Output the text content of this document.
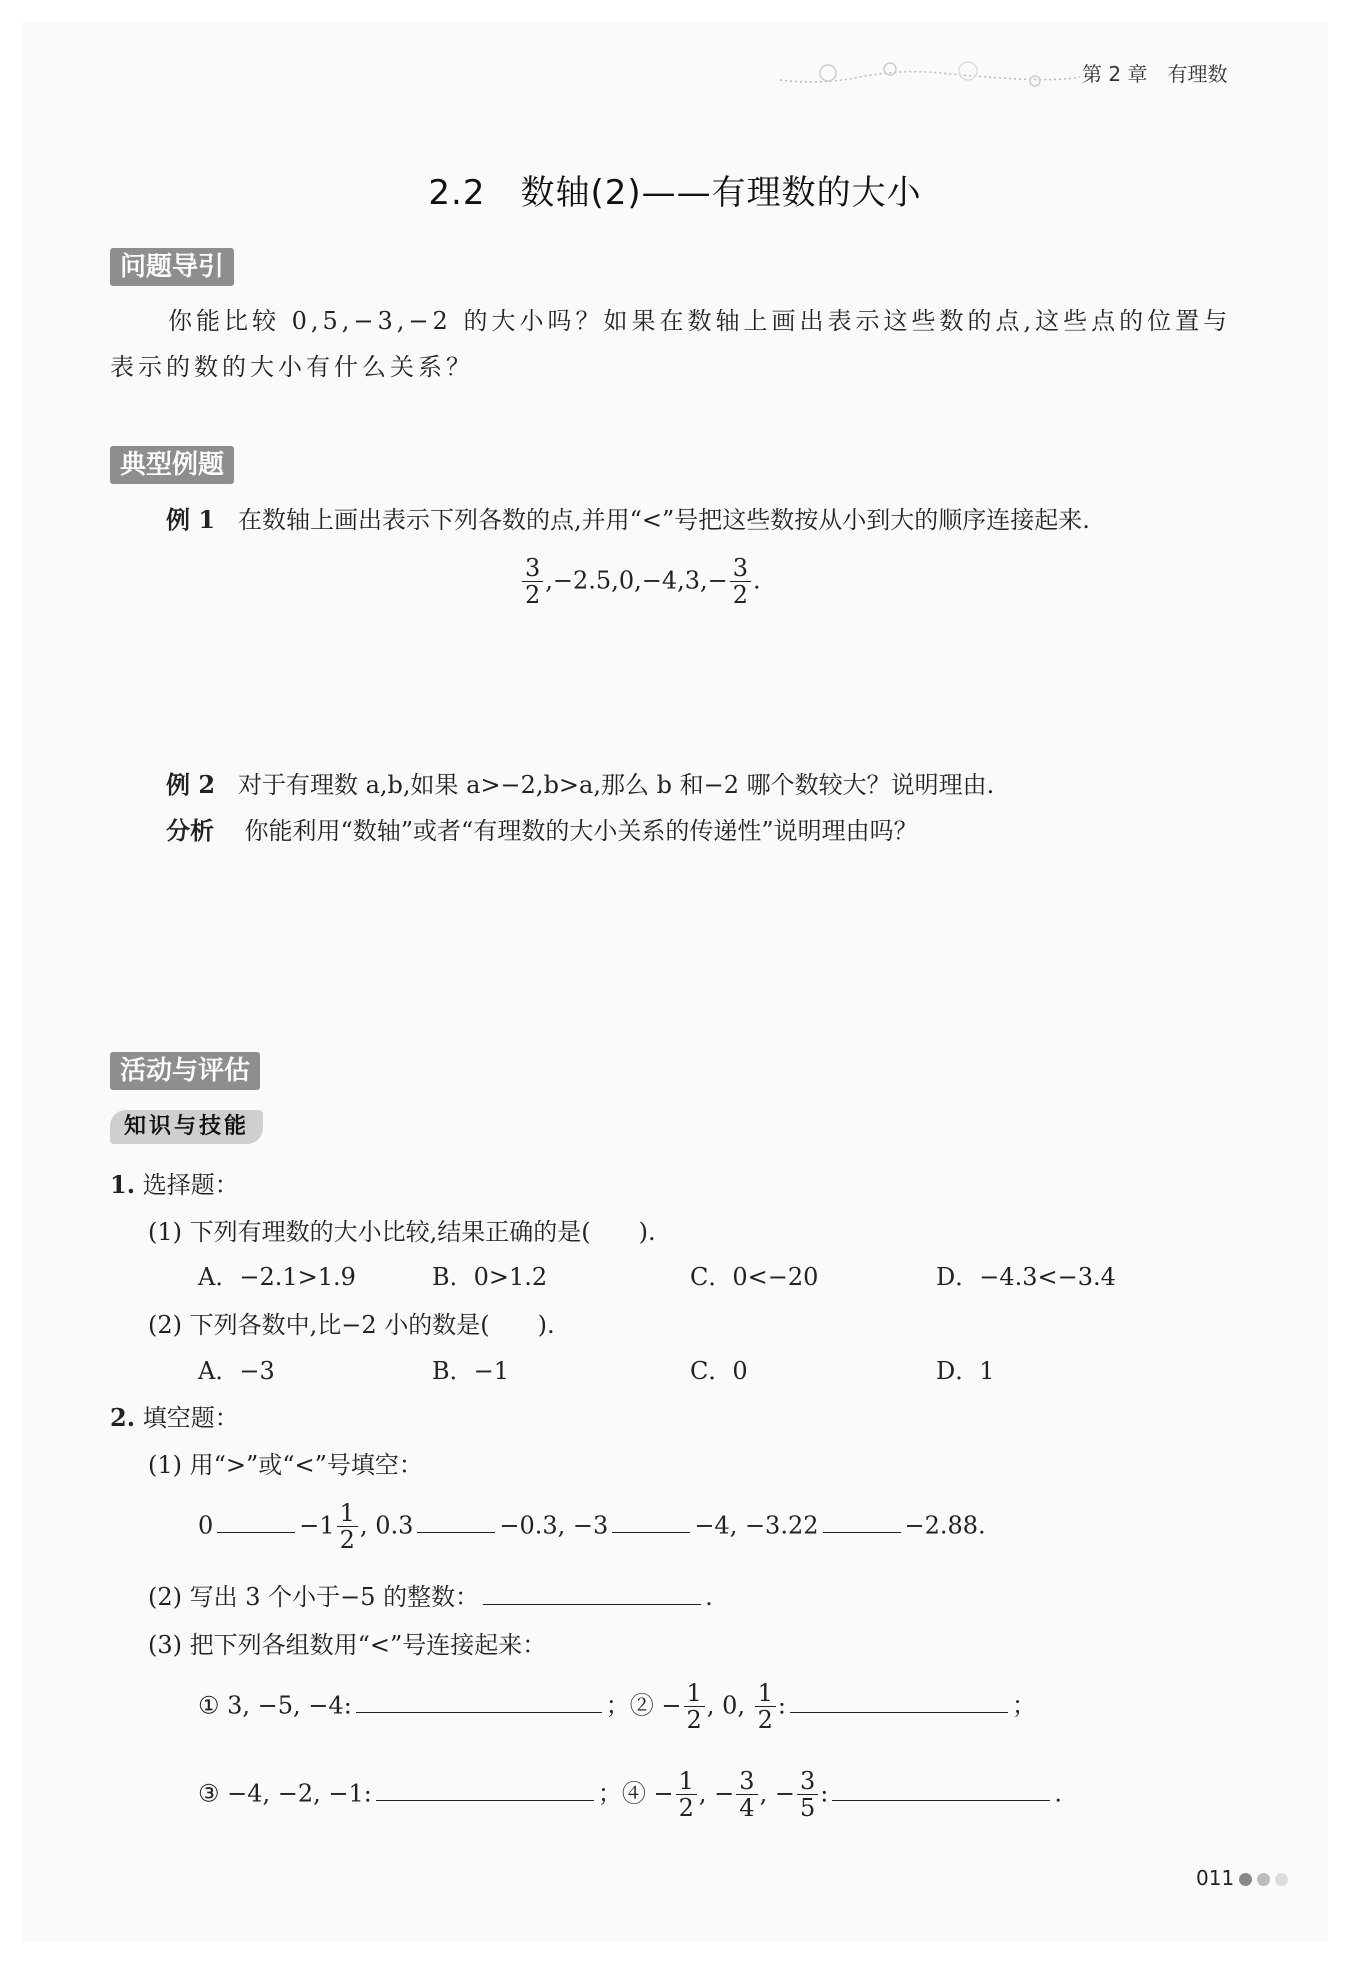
第 2 章　有理数
2.2　数轴(2)——有理数的大小
问题导引
你能比较 0,5,−3,−2 的大小吗？如果在数轴上画出表示这些数的点,这些点的位置与
表示的数的大小有什么关系？
典型例题
例 1 在数轴上画出表示下列各数的点,并用“<”号把这些数按从小到大的顺序连接起来.
$\frac{3}{2} ,-2.5,0,-4,3,- \frac{3}{2}$ .
例 2 对于有理数 a,b,如果 a>−2,b>a,那么 b 和−2 哪个数较大？说明理由.
分析 你能利用“数轴”或者“有理数的大小关系的传递性”说明理由吗？
活动与评估
知识与技能
1. 选择题：
(1) 下列有理数的大小比较,结果正确的是(　　).
A．−2.1>1.9	B．0>1.2	C．0<−20	D．−4.3<−3.4
(2) 下列各数中,比−2 小的数是(　　).
A．−3	B．−1	C．0	D．1
2. 填空题：
(1) 用“>”或“<”号填空：
0	$-1 \frac{1}{2}$ , 0.3	−0.3, −3	−4, −3.22	−2.88.
(2) 写出 3 个小于−5 的整数：	.
(3) 把下列各组数用“<”号连接起来：
① 3, −5, −4:	；② − $\frac{1}{2}$ , 0, $\frac{1}{2}$ :	；
③ −4, −2, −1:	；④ − $\frac{1}{2}$ , − $\frac{3}{4}$ , − $\frac{3}{5}$ :	.
011
